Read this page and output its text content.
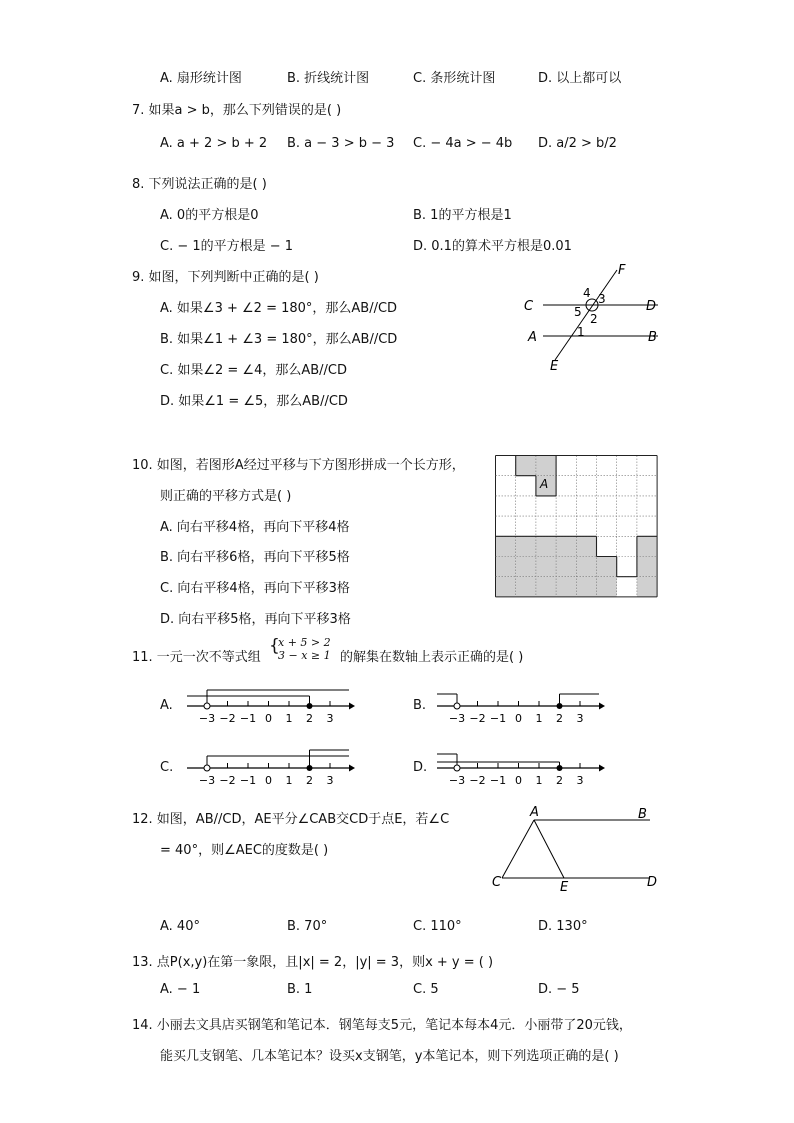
A. 扇形统计图	B. 折线统计图	C. 条形统计图	D. 以上都可以
7. 如果a > b，那么下列错误的是( )
A. a + 2 > b + 2 B. a − 3 > b − 3 C. − 4a > − 4b D. a/2 > b/2
8. 下列说法正确的是( )
A. 0的平方根是0	B. 1的平方根是1
C. − 1的平方根是 − 1	D. 0.1的算术平方根是0.01
9. 如图，下列判断中正确的是( )
A. 如果∠3 + ∠2 = 180°，那么AB//CD
B. 如果∠1 + ∠3 = 180°，那么AB//CD
C. 如果∠2 = ∠4，那么AB//CD
D. 如果∠1 = ∠5，那么AB//CD
F
C	D
A	B
E
4 3
5 2
1
10. 如图，若图形A经过平移与下方图形拼成一个长方形，
则正确的平移方式是( )
A. 向右平移4格，再向下平移4格
B. 向右平移6格，再向下平移5格
C. 向右平移4格，再向下平移3格
D. 向右平移5格，再向下平移3格
A
11. 一元一次不等式组
{
x + 5 > 2
3 − x ≥ 1 的解集在数轴上表示正确的是( )
A.	B.
C.	D.
−3 −2 −1 0 1 2 3	−3 −2 −1 0 1 2 3
−3 −2 −1 0 1 2 3	−3 −2 −1 0 1 2 3
12. 如图，AB//CD，AE平分∠CAB交CD于点E，若∠C
= 40°，则∠AEC的度数是( )
A	B
C	E	D
A. 40°	B. 70°	C. 110°	D. 130°
13. 点P(x,y)在第一象限，且|x| = 2，|y| = 3，则x + y = ( )
A. − 1	B. 1	C. 5	D. − 5
14. 小丽去文具店买钢笔和笔记本．钢笔每支5元，笔记本每本4元．小丽带了20元钱，
能买几支钢笔、几本笔记本？设买x支钢笔，y本笔记本，则下列选项正确的是( )
